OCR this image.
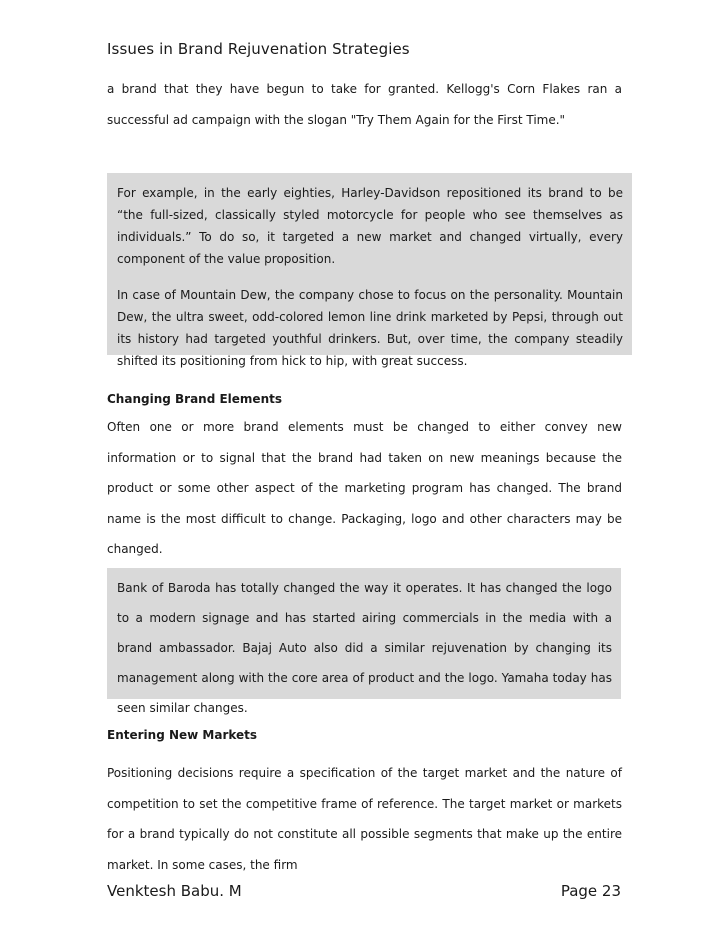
Issues in Brand Rejuvenation Strategies
a brand that they have begun to take for granted. Kellogg's Corn Flakes ran a successful ad campaign with the slogan "Try Them Again for the First Time."

For example, in the early eighties, Harley-Davidson repositioned its brand to be “the full-sized, classically styled motorcycle for people who see themselves as individuals.” To do so, it targeted a new market and changed virtually, every component of the value proposition.

In case of Mountain Dew, the company chose to focus on the personality. Mountain Dew, the ultra sweet, odd-colored lemon line drink marketed by Pepsi, through out its history had targeted youthful drinkers. But, over time, the company steadily shifted its positioning from hick to hip, with great success.

Changing Brand Elements
Often one or more brand elements must be changed to either convey new information or to signal that the brand had taken on new meanings because the product or some other aspect of the marketing program has changed. The brand name is the most difficult to change. Packaging, logo and other characters may be changed.

Bank of Baroda has totally changed the way it operates. It has changed the logo to a modern signage and has started airing commercials in the media with a brand ambassador. Bajaj Auto also did a similar rejuvenation by changing its management along with the core area of product and the logo. Yamaha today has seen similar changes.

Entering New Markets
Positioning decisions require a specification of the target market and the nature of competition to set the competitive frame of reference. The target market or markets for a brand typically do not constitute all possible segments that make up the entire market. In some cases, the firm
Venktesh Babu. M	Page 23
